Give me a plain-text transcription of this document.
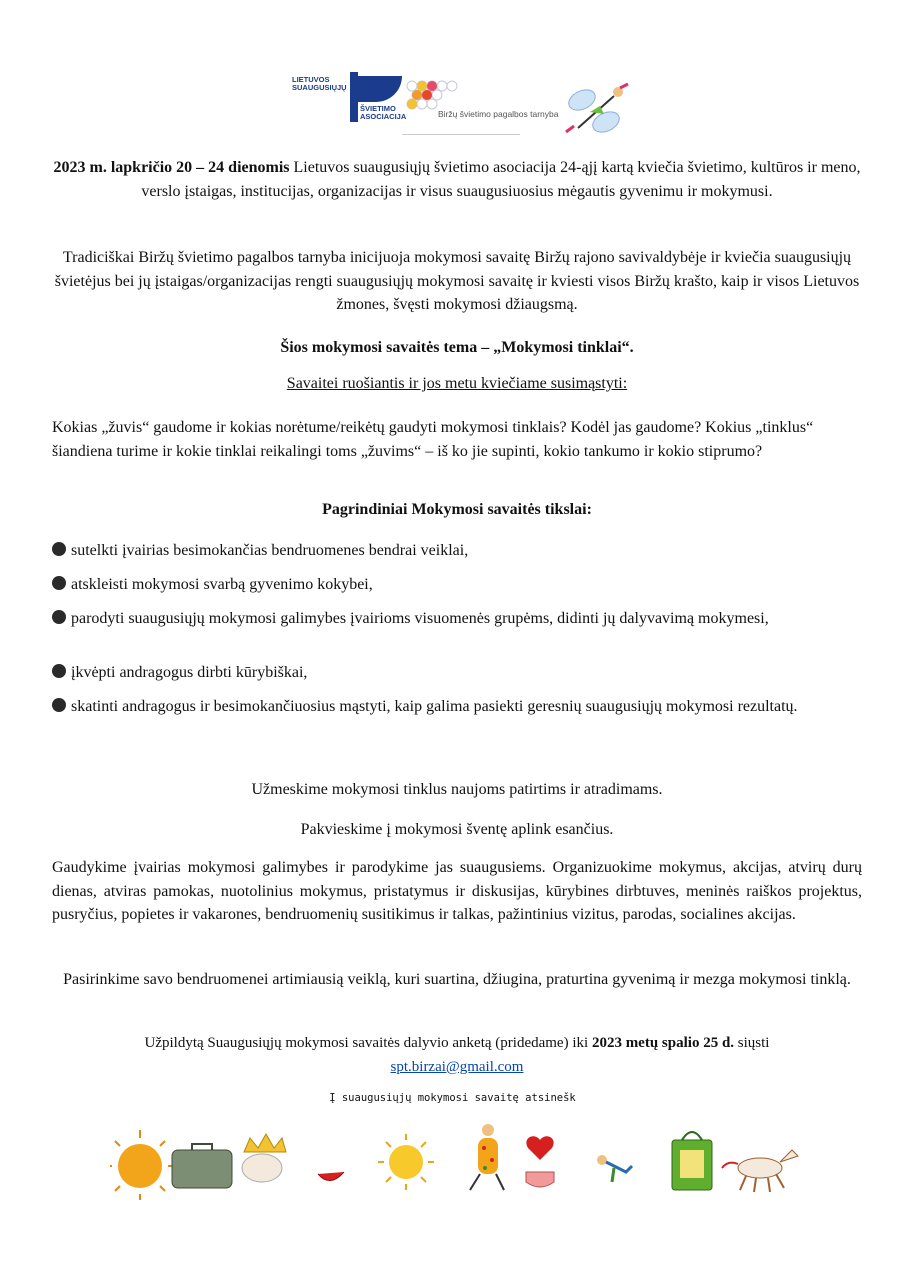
LIETUVOS
SUAUGUSIŲJŲ
ŠVIETIMO
ASOCIACIJA	Biržų švietimo pagalbos tarnyba

2023 m. lapkričio 20 – 24 dienomis Lietuvos suaugusiųjų švietimo asociacija 24-ąjį kartą kviečia švietimo, kultūros ir meno, verslo įstaigas, institucijas, organizacijas ir visus suaugusiuosius mėgautis gyvenimu ir mokymusi.

Tradiciškai Biržų švietimo pagalbos tarnyba inicijuoja mokymosi savaitę Biržų rajono savivaldybėje ir kviečia suaugusiųjų švietėjus bei jų įstaigas/organizacijas rengti suaugusiųjų mokymosi savaitę ir kviesti visos Biržų krašto, kaip ir visos Lietuvos žmones, švęsti mokymosi džiaugsmą.

Šios mokymosi savaitės tema – „Mokymosi tinklai“.

Savaitei ruošiantis ir jos metu kviečiame susimąstyti:

Kokias „žuvis“ gaudome ir kokias norėtume/reikėtų gaudyti mokymosi tinklais? Kodėl jas gaudome? Kokius „tinklus“ šiandiena turime ir kokie tinklai reikalingi toms „žuvims“ – iš ko jie supinti, kokio tankumo ir kokio stiprumo?

Pagrindiniai Mokymosi savaitės tikslai:

sutelkti įvairias besimokančias bendruomenes bendrai veiklai,
atskleisti mokymosi svarbą gyvenimo kokybei,
parodyti suaugusiųjų mokymosi galimybes įvairioms visuomenės grupėms, didinti jų dalyvavimą mokymesi,
įkvėpti andragogus dirbti kūrybiškai,
skatinti andragogus ir besimokančiuosius mąstyti, kaip galima pasiekti geresnių suaugusiųjų mokymosi rezultatų.

Užmeskime mokymosi tinklus naujoms patirtims ir atradimams.

Pakvieskime į mokymosi šventę aplink esančius.

Gaudykime įvairias mokymosi galimybes ir parodykime jas suaugusiems. Organizuokime mokymus, akcijas, atvirų durų dienas, atviras pamokas, nuotolinius mokymus, pristatymus ir diskusijas, kūrybines dirbtuves, meninės raiškos projektus, pusryčius, popietes ir vakarones, bendruomenių susitikimus ir talkas, pažintinius vizitus, parodas, socialines akcijas.

Pasirinkime savo bendruomenei artimiausią veiklą, kuri suartina, džiugina, praturtina gyvenimą ir mezga mokymosi tinklą.

Užpildytą Suaugusiųjų mokymosi savaitės dalyvio anketą (pridedame) iki 2023 metų spalio 25 d. siųsti
spt.birzai@gmail.com

Į suaugusiųjų mokymosi savaitę atsinešk
